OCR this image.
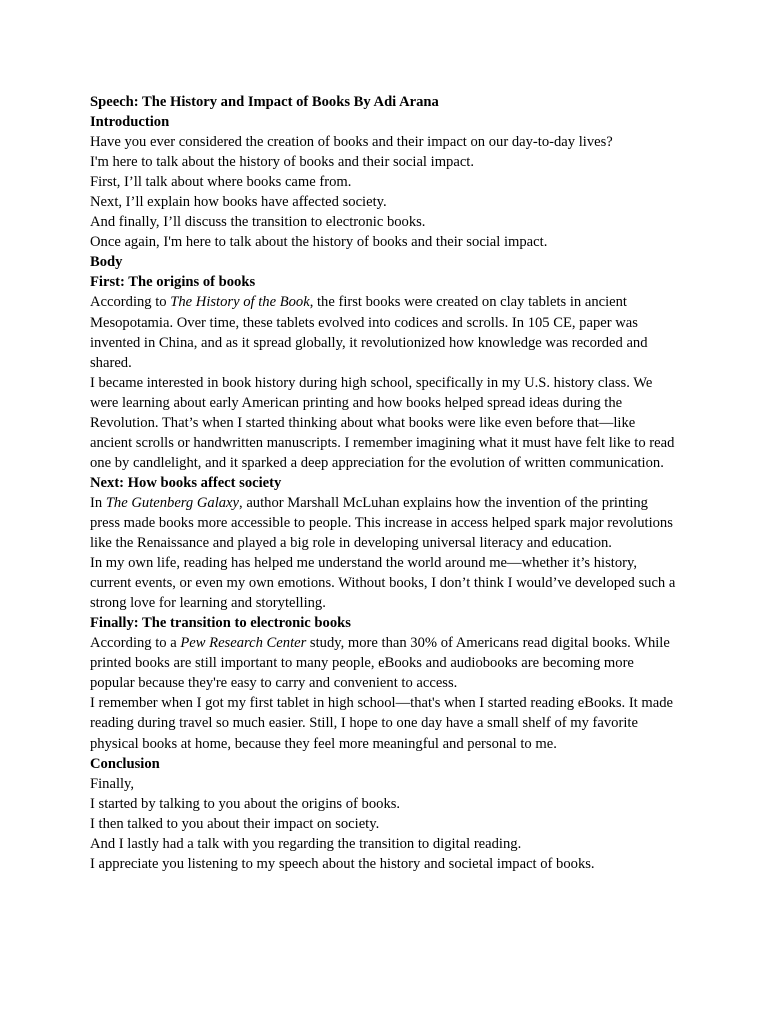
Speech: The History and Impact of Books By Adi Arana

Introduction

Have you ever considered the creation of books and their impact on our day-to-day lives?

I'm here to talk about the history of books and their social impact.

First, I’ll talk about where books came from.

Next, I’ll explain how books have affected society.

And finally, I’ll discuss the transition to electronic books.

Once again, I'm here to talk about the history of books and their social impact.

Body

First: The origins of books

According to The History of the Book, the first books were created on clay tablets in ancient Mesopotamia. Over time, these tablets evolved into codices and scrolls. In 105 CE, paper was invented in China, and as it spread globally, it revolutionized how knowledge was recorded and shared.

I became interested in book history during high school, specifically in my U.S. history class. We were learning about early American printing and how books helped spread ideas during the Revolution. That’s when I started thinking about what books were like even before that—like ancient scrolls or handwritten manuscripts. I remember imagining what it must have felt like to read one by candlelight, and it sparked a deep appreciation for the evolution of written communication.

Next: How books affect society

In The Gutenberg Galaxy, author Marshall McLuhan explains how the invention of the printing press made books more accessible to people. This increase in access helped spark major revolutions like the Renaissance and played a big role in developing universal literacy and education.

In my own life, reading has helped me understand the world around me—whether it’s history, current events, or even my own emotions. Without books, I don’t think I would’ve developed such a strong love for learning and storytelling.

Finally: The transition to electronic books

According to a Pew Research Center study, more than 30% of Americans read digital books. While printed books are still important to many people, eBooks and audiobooks are becoming more popular because they're easy to carry and convenient to access.

I remember when I got my first tablet in high school—that's when I started reading eBooks. It made reading during travel so much easier. Still, I hope to one day have a small shelf of my favorite physical books at home, because they feel more meaningful and personal to me.

Conclusion

Finally,

I started by talking to you about the origins of books.

I then talked to you about their impact on society.

And I lastly had a talk with you regarding the transition to digital reading.

I appreciate you listening to my speech about the history and societal impact of books.
